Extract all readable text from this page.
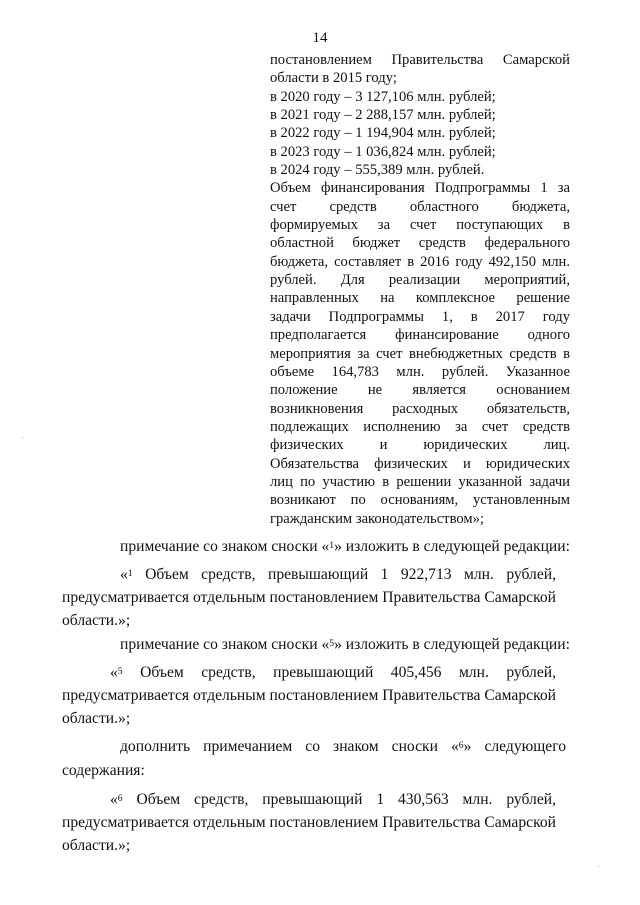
14
постановлением Правительства Самарской
области в 2015 году;
в 2020 году – 3 127,106 млн. рублей;
в 2021 году – 2 288,157 млн. рублей;
в 2022 году – 1 194,904 млн. рублей;
в 2023 году – 1 036,824 млн. рублей;
в 2024 году – 555,389 млн. рублей.
Объем финансирования Подпрограммы 1 за
счет средств областного бюджета,
формируемых за счет поступающих в
областной бюджет средств федерального
бюджета, составляет в 2016 году 492,150 млн.
рублей. Для реализации мероприятий,
направленных на комплексное решение
задачи Подпрограммы 1, в 2017 году
предполагается финансирование одного
мероприятия за счет внебюджетных средств в
объеме 164,783 млн. рублей. Указанное
положение не является основанием
возникновения расходных обязательств,
подлежащих исполнению за счет средств
физических и юридических лиц.
Обязательства физических и юридических
лиц по участию в решении указанной задачи
возникают по основаниям, установленным
гражданским законодательством»;
примечание со знаком сноски «$^1$» изложить в следующей редакции:
«$^1$ Объем средств, превышающий 1 922,713 млн. рублей,
предусматривается отдельным постановлением Правительства Самарской
области.»;
примечание со знаком сноски «$^5$» изложить в следующей редакции:
«$^5$ Объем средств, превышающий 405,456 млн. рублей,
предусматривается отдельным постановлением Правительства Самарской
области.»;
дополнить примечанием со знаком сноски «$^6$» следующего
содержания:
«$^6$ Объем средств, превышающий 1 430,563 млн. рублей,
предусматривается отдельным постановлением Правительства Самарской
области.»;
